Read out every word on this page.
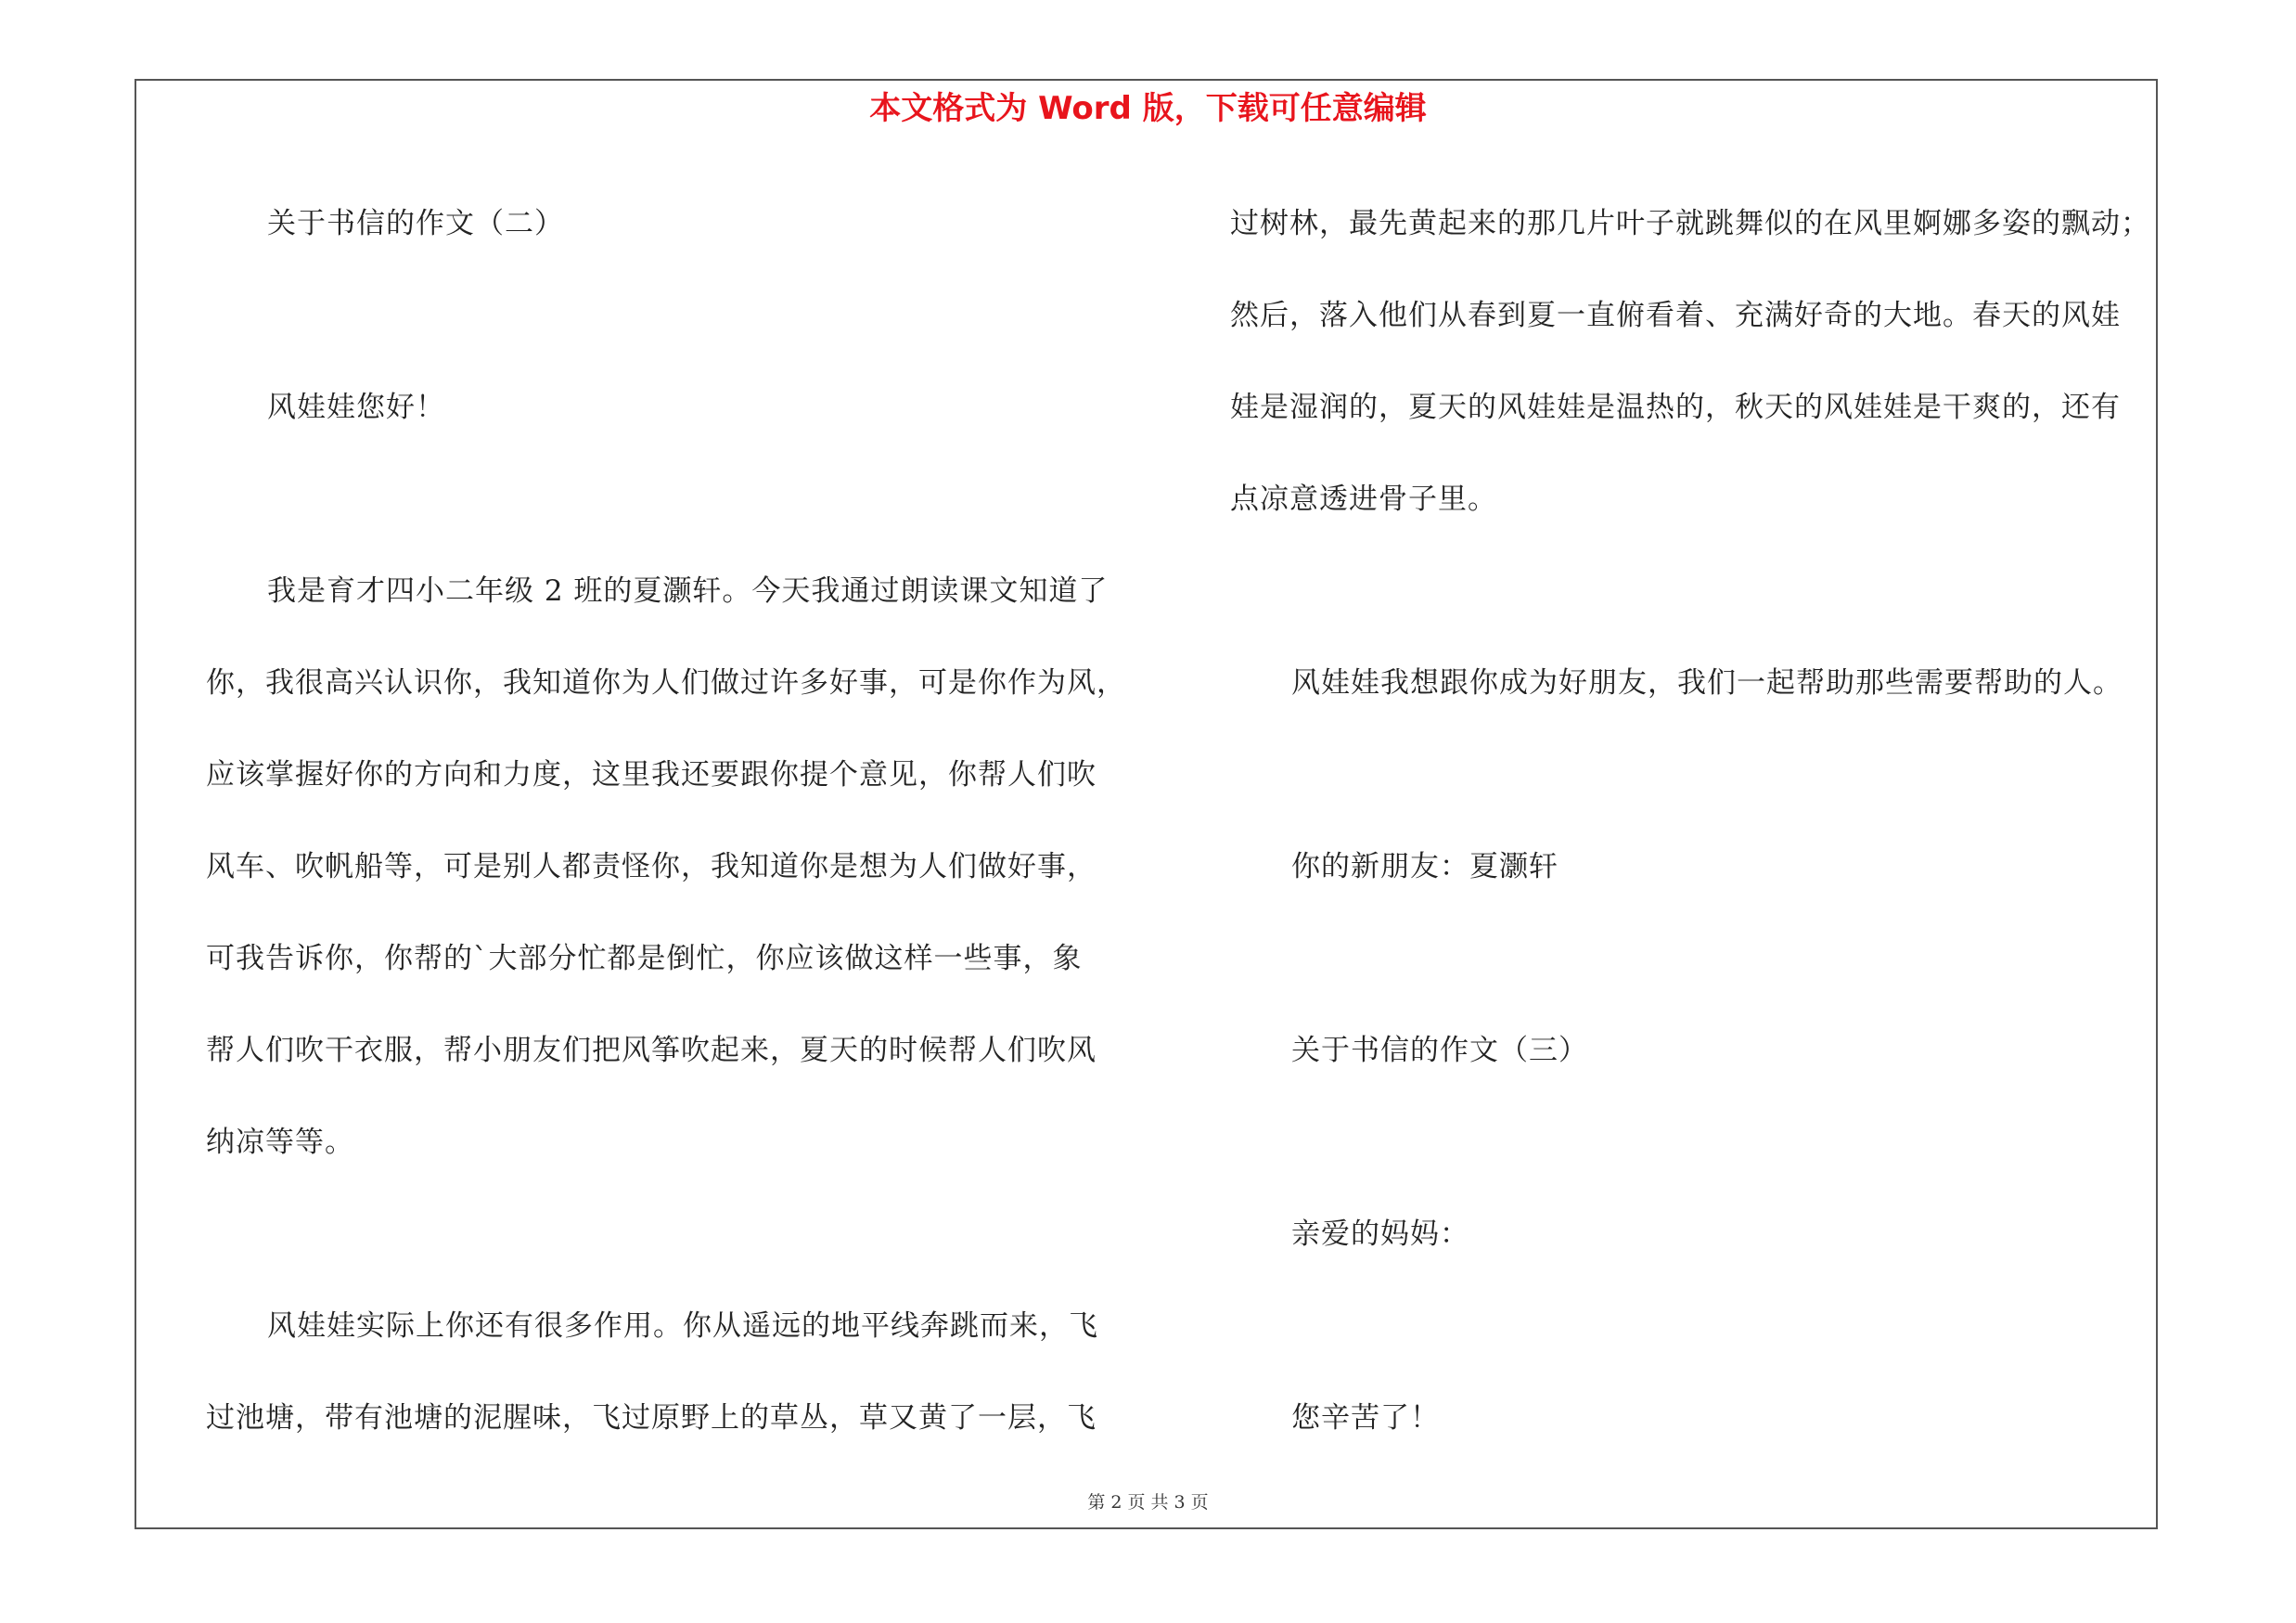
本文格式为 Word 版，下载可任意编辑

关于书信的作文（二）

风娃娃您好！

我是育才四小二年级 2 班的夏灏轩。今天我通过朗读课文知道了

你，我很高兴认识你，我知道你为人们做过许多好事，可是你作为风，

应该掌握好你的方向和力度，这里我还要跟你提个意见，你帮人们吹

风车、吹帆船等，可是别人都责怪你，我知道你是想为人们做好事，

可我告诉你，你帮的`大部分忙都是倒忙，你应该做这样一些事，象

帮人们吹干衣服，帮小朋友们把风筝吹起来，夏天的时候帮人们吹风

纳凉等等。

风娃娃实际上你还有很多作用。你从遥远的地平线奔跳而来，飞

过池塘，带有池塘的泥腥味，飞过原野上的草丛，草又黄了一层，飞

过树林，最先黄起来的那几片叶子就跳舞似的在风里婀娜多姿的飘动；

然后，落入他们从春到夏一直俯看着、充满好奇的大地。春天的风娃

娃是湿润的，夏天的风娃娃是温热的，秋天的风娃娃是干爽的，还有

点凉意透进骨子里。

风娃娃我想跟你成为好朋友，我们一起帮助那些需要帮助的人。

你的新朋友：夏灏轩

关于书信的作文（三）

亲爱的妈妈：

您辛苦了！

第 2 页 共 3 页
